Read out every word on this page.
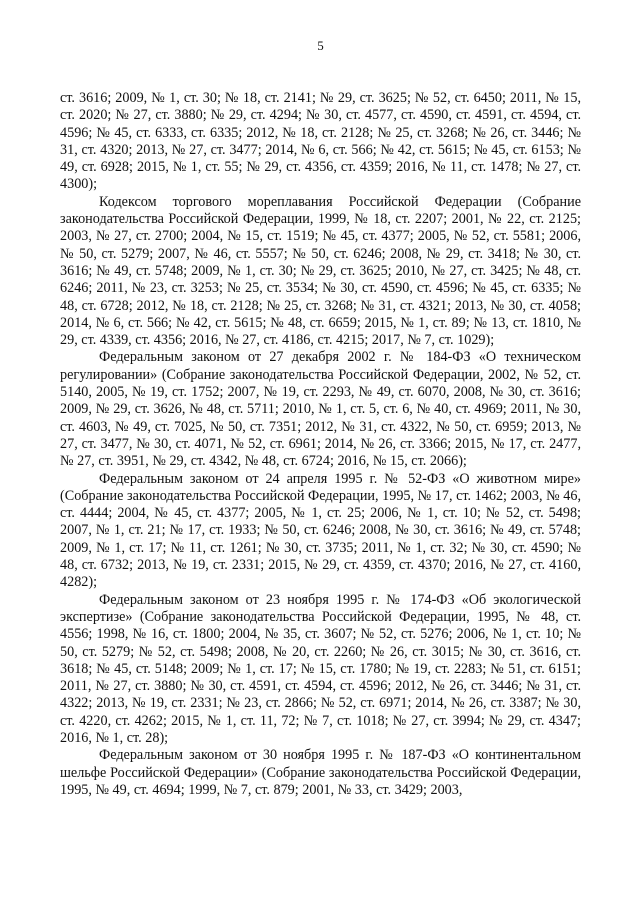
5

ст. 3616; 2009, № 1, ст. 30; № 18, ст. 2141; № 29, ст. 3625; № 52, ст. 6450; 2011, № 15, ст. 2020; № 27, ст. 3880; № 29, ст. 4294; № 30, ст. 4577, ст. 4590, ст. 4591, ст. 4594, ст. 4596; № 45, ст. 6333, ст. 6335; 2012, № 18, ст. 2128; № 25, ст. 3268; № 26, ст. 3446; № 31, ст. 4320; 2013, № 27, ст. 3477; 2014, № 6, ст. 566; № 42, ст. 5615; № 45, ст. 6153; № 49, ст. 6928; 2015, № 1, ст. 55; № 29, ст. 4356, ст. 4359; 2016, № 11, ст. 1478; № 27, ст. 4300);

Кодексом торгового мореплавания Российской Федерации (Собрание законодательства Российской Федерации, 1999, № 18, ст. 2207; 2001, № 22, ст. 2125; 2003, № 27, ст. 2700; 2004, № 15, ст. 1519; № 45, ст. 4377; 2005, № 52, ст. 5581; 2006, № 50, ст. 5279; 2007, № 46, ст. 5557; № 50, ст. 6246; 2008, № 29, ст. 3418; № 30, ст. 3616; № 49, ст. 5748; 2009, № 1, ст. 30; № 29, ст. 3625; 2010, № 27, ст. 3425; № 48, ст. 6246; 2011, № 23, ст. 3253; № 25, ст. 3534; № 30, ст. 4590, ст. 4596; № 45, ст. 6335; № 48, ст. 6728; 2012, № 18, ст. 2128; № 25, ст. 3268; № 31, ст. 4321; 2013, № 30, ст. 4058; 2014, № 6, ст. 566; № 42, ст. 5615; № 48, ст. 6659; 2015, № 1, ст. 89; № 13, ст. 1810, № 29, ст. 4339, ст. 4356; 2016, № 27, ст. 4186, ст. 4215; 2017, № 7, ст. 1029);

Федеральным законом от 27 декабря 2002 г. № 184-ФЗ «О техническом регулировании» (Собрание законодательства Российской Федерации, 2002, № 52, ст. 5140, 2005, № 19, ст. 1752; 2007, № 19, ст. 2293, № 49, ст. 6070, 2008, № 30, ст. 3616; 2009, № 29, ст. 3626, № 48, ст. 5711; 2010, № 1, ст. 5, ст. 6, № 40, ст. 4969; 2011, № 30, ст. 4603, № 49, ст. 7025, № 50, ст. 7351; 2012, № 31, ст. 4322, № 50, ст. 6959; 2013, № 27, ст. 3477, № 30, ст. 4071, № 52, ст. 6961; 2014, № 26, ст. 3366; 2015, № 17, ст. 2477, № 27, ст. 3951, № 29, ст. 4342, № 48, ст. 6724; 2016, № 15, ст. 2066);

Федеральным законом от 24 апреля 1995 г. № 52-ФЗ «О животном мире» (Собрание законодательства Российской Федерации, 1995, № 17, ст. 1462; 2003, № 46, ст. 4444; 2004, № 45, ст. 4377; 2005, № 1, ст. 25; 2006, № 1, ст. 10; № 52, ст. 5498; 2007, № 1, ст. 21; № 17, ст. 1933; № 50, ст. 6246; 2008, № 30, ст. 3616; № 49, ст. 5748; 2009, № 1, ст. 17; № 11, ст. 1261; № 30, ст. 3735; 2011, № 1, ст. 32; № 30, ст. 4590; № 48, ст. 6732; 2013, № 19, ст. 2331; 2015, № 29, ст. 4359, ст. 4370; 2016, № 27, ст. 4160, 4282);

Федеральным законом от 23 ноября 1995 г. № 174-ФЗ «Об экологической экспертизе» (Собрание законодательства Российской Федерации, 1995, № 48, ст. 4556; 1998, № 16, ст. 1800; 2004, № 35, ст. 3607; № 52, ст. 5276; 2006, № 1, ст. 10; № 50, ст. 5279; № 52, ст. 5498; 2008, № 20, ст. 2260; № 26, ст. 3015; № 30, ст. 3616, ст. 3618; № 45, ст. 5148; 2009; № 1, ст. 17; № 15, ст. 1780; № 19, ст. 2283; № 51, ст. 6151; 2011, № 27, ст. 3880; № 30, ст. 4591, ст. 4594, ст. 4596; 2012, № 26, ст. 3446; № 31, ст. 4322; 2013, № 19, ст. 2331; № 23, ст. 2866; № 52, ст. 6971; 2014, № 26, ст. 3387; № 30, ст. 4220, ст. 4262; 2015, № 1, ст. 11, 72; № 7, ст. 1018; № 27, ст. 3994; № 29, ст. 4347; 2016, № 1, ст. 28);

Федеральным законом от 30 ноября 1995 г. № 187-ФЗ «О континентальном шельфе Российской Федерации» (Собрание законодательства Российской Федерации, 1995, № 49, ст. 4694; 1999, № 7, ст. 879; 2001, № 33, ст. 3429; 2003,
